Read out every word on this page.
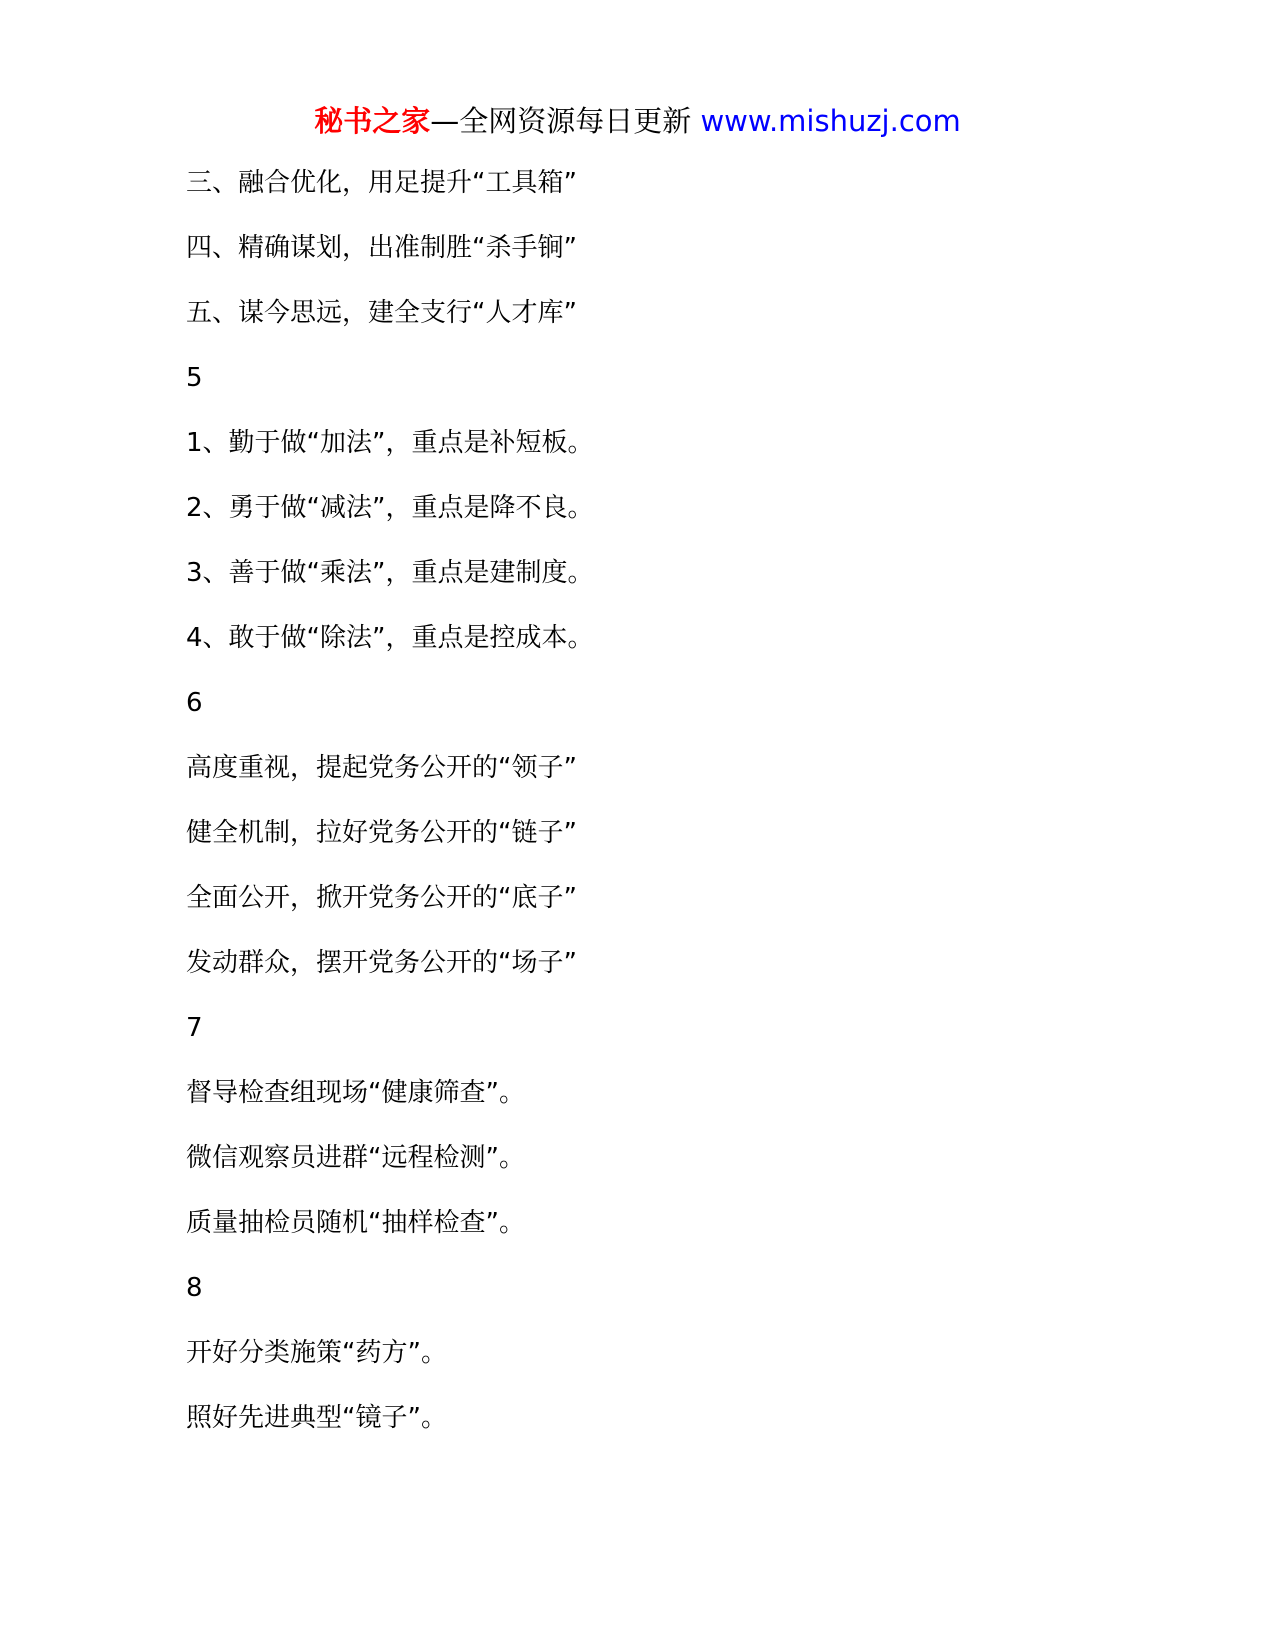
秘书之家—全网资源每日更新 www.mishuzj.com
三、融合优化，用足提升“工具箱”
四、精确谋划，出准制胜“杀手锏”
五、谋今思远，建全支行“人才库”
5
1、勤于做“加法”，重点是补短板。
2、勇于做“减法”，重点是降不良。
3、善于做“乘法”，重点是建制度。
4、敢于做“除法”，重点是控成本。
6
高度重视，提起党务公开的“领子”
健全机制，拉好党务公开的“链子”
全面公开，掀开党务公开的“底子”
发动群众，摆开党务公开的“场子”
7
督导检查组现场“健康筛查”。
微信观察员进群“远程检测”。
质量抽检员随机“抽样检查”。
8
开好分类施策“药方”。
照好先进典型“镜子”。
